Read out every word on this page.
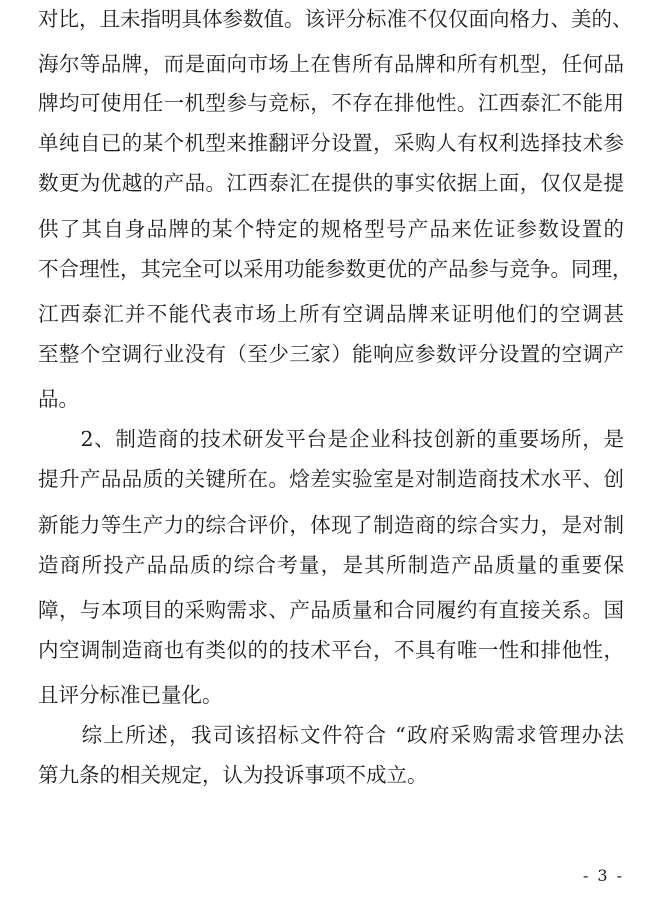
对比，且未指明具体参数值。该评分标准不仅仅面向格力、美的、
海尔等品牌，而是面向市场上在售所有品牌和所有机型，任何品
牌均可使用任一机型参与竞标，不存在排他性。江西泰汇不能用
单纯自已的某个机型来推翻评分设置，采购人有权利选择技术参
数更为优越的产品。江西泰汇在提供的事实依据上面，仅仅是提
供了其自身品牌的某个特定的规格型号产品来佐证参数设置的
不合理性，其完全可以采用功能参数更优的产品参与竞争。同理，
江西泰汇并不能代表市场上所有空调品牌来证明他们的空调甚
至整个空调行业没有（至少三家）能响应参数评分设置的空调产
品。
　　2、制造商的技术研发平台是企业科技创新的重要场所，是
提升产品品质的关键所在。焓差实验室是对制造商技术水平、创
新能力等生产力的综合评价，体现了制造商的综合实力，是对制
造商所投产品品质的综合考量，是其所制造产品质量的重要保
障，与本项目的采购需求、产品质量和合同履约有直接关系。国
内空调制造商也有类似的的技术平台，不具有唯一性和排他性，
且评分标准已量化。
　　综上所述，我司该招标文件符合 “政府采购需求管理办法
第九条的相关规定，认为投诉事项不成立。
- 3 -
